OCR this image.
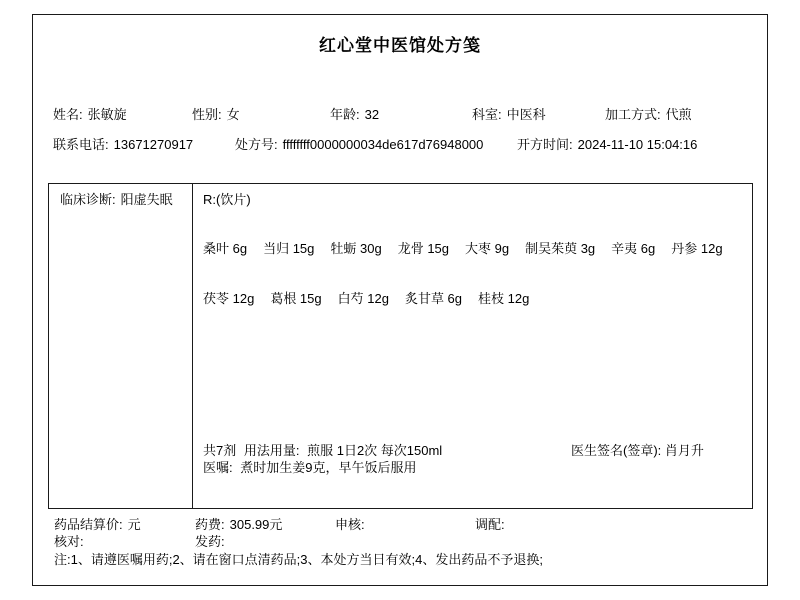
红心堂中医馆处方笺
姓名: 张敏旋	性别: 女	年龄: 32	科室: 中医科	加工方式: 代煎
联系电话: 13671270917	处方号: ffffffff0000000034de617d76948000	开方时间: 2024-11-10 15:04:16
临床诊断: 阳虚失眠 R:(饮片)
桑叶 6g 当归 15g 牡蛎 30g 龙骨 15g 大枣 9g 制吴茱萸 3g 辛夷 6g 丹参 12g
茯苓 12g 葛根 15g 白芍 12g 炙甘草 6g 桂枝 12g
共7剂 用法用量: 煎服 1日2次 每次150ml
医嘱: 煮时加生姜9克，早午饭后服用
医生签名(签章): 肖月升
药品结算价: 元	药费: 305.99元	申核:	调配:
核对:	发药:
注:1、请遵医嘱用药;2、请在窗口点清药品;3、本处方当日有效;4、发出药品不予退换;
